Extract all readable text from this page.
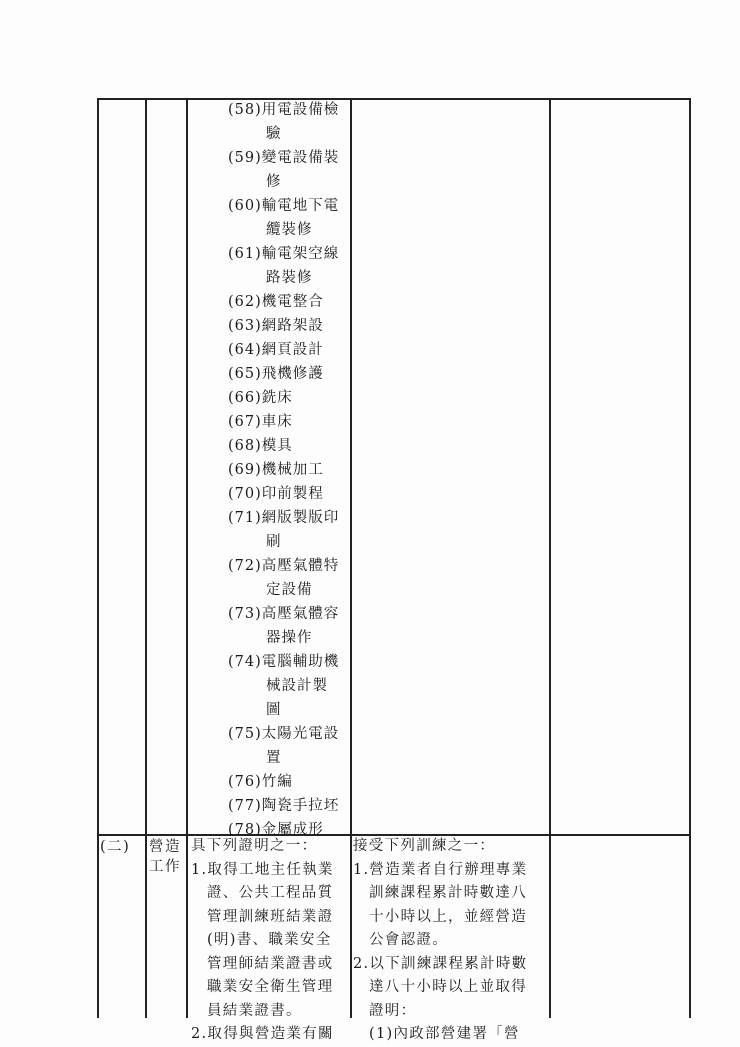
(58)用電設備檢
驗
(59)變電設備裝
修
(60)輸電地下電
纜裝修
(61)輸電架空線
路裝修
(62)機電整合
(63)網路架設
(64)網頁設計
(65)飛機修護
(66)銑床
(67)車床
(68)模具
(69)機械加工
(70)印前製程
(71)網版製版印
刷
(72)高壓氣體特
定設備
(73)高壓氣體容
器操作
(74)電腦輔助機
械設計製
圖
(75)太陽光電設
置
(76)竹編
(77)陶瓷手拉坯
(78)金屬成形
(二) 營造
工作
具下列證明之一：
1.取得工地主任執業
證、公共工程品質
管理訓練班結業證
(明)書、職業安全
管理師結業證書或
職業安全衛生管理
員結業證書。
2.取得與營造業有關
接受下列訓練之一：
1.營造業者自行辦理專業
訓練課程累計時數達八
十小時以上，並經營造
公會認證。
2.以下訓練課程累計時數
達八十小時以上並取得
證明：
(1)內政部營建署「營
